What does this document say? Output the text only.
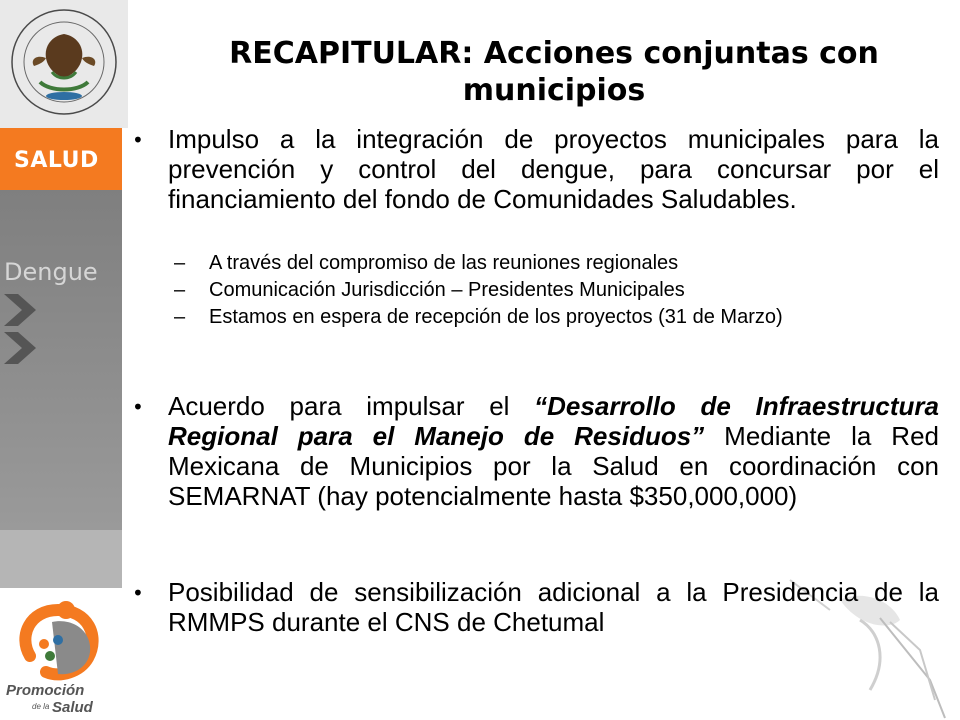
SALUD
Dengue
Promoción
de la Salud
RECAPITULAR: Acciones conjuntas con municipios
• Impulso a la integración de proyectos municipales para la prevención y control del dengue, para concursar por el financiamiento del fondo de Comunidades Saludables.
– A través del compromiso de las reuniones regionales
– Comunicación Jurisdicción – Presidentes Municipales
– Estamos en espera de recepción de los proyectos (31 de Marzo)
• Acuerdo para impulsar el “Desarrollo de Infraestructura Regional para el Manejo de Residuos” Mediante la Red Mexicana de Municipios por la Salud en coordinación con SEMARNAT (hay potencialmente hasta $350,000,000)
• Posibilidad de sensibilización adicional a la Presidencia de la RMMPS durante el CNS de Chetumal
